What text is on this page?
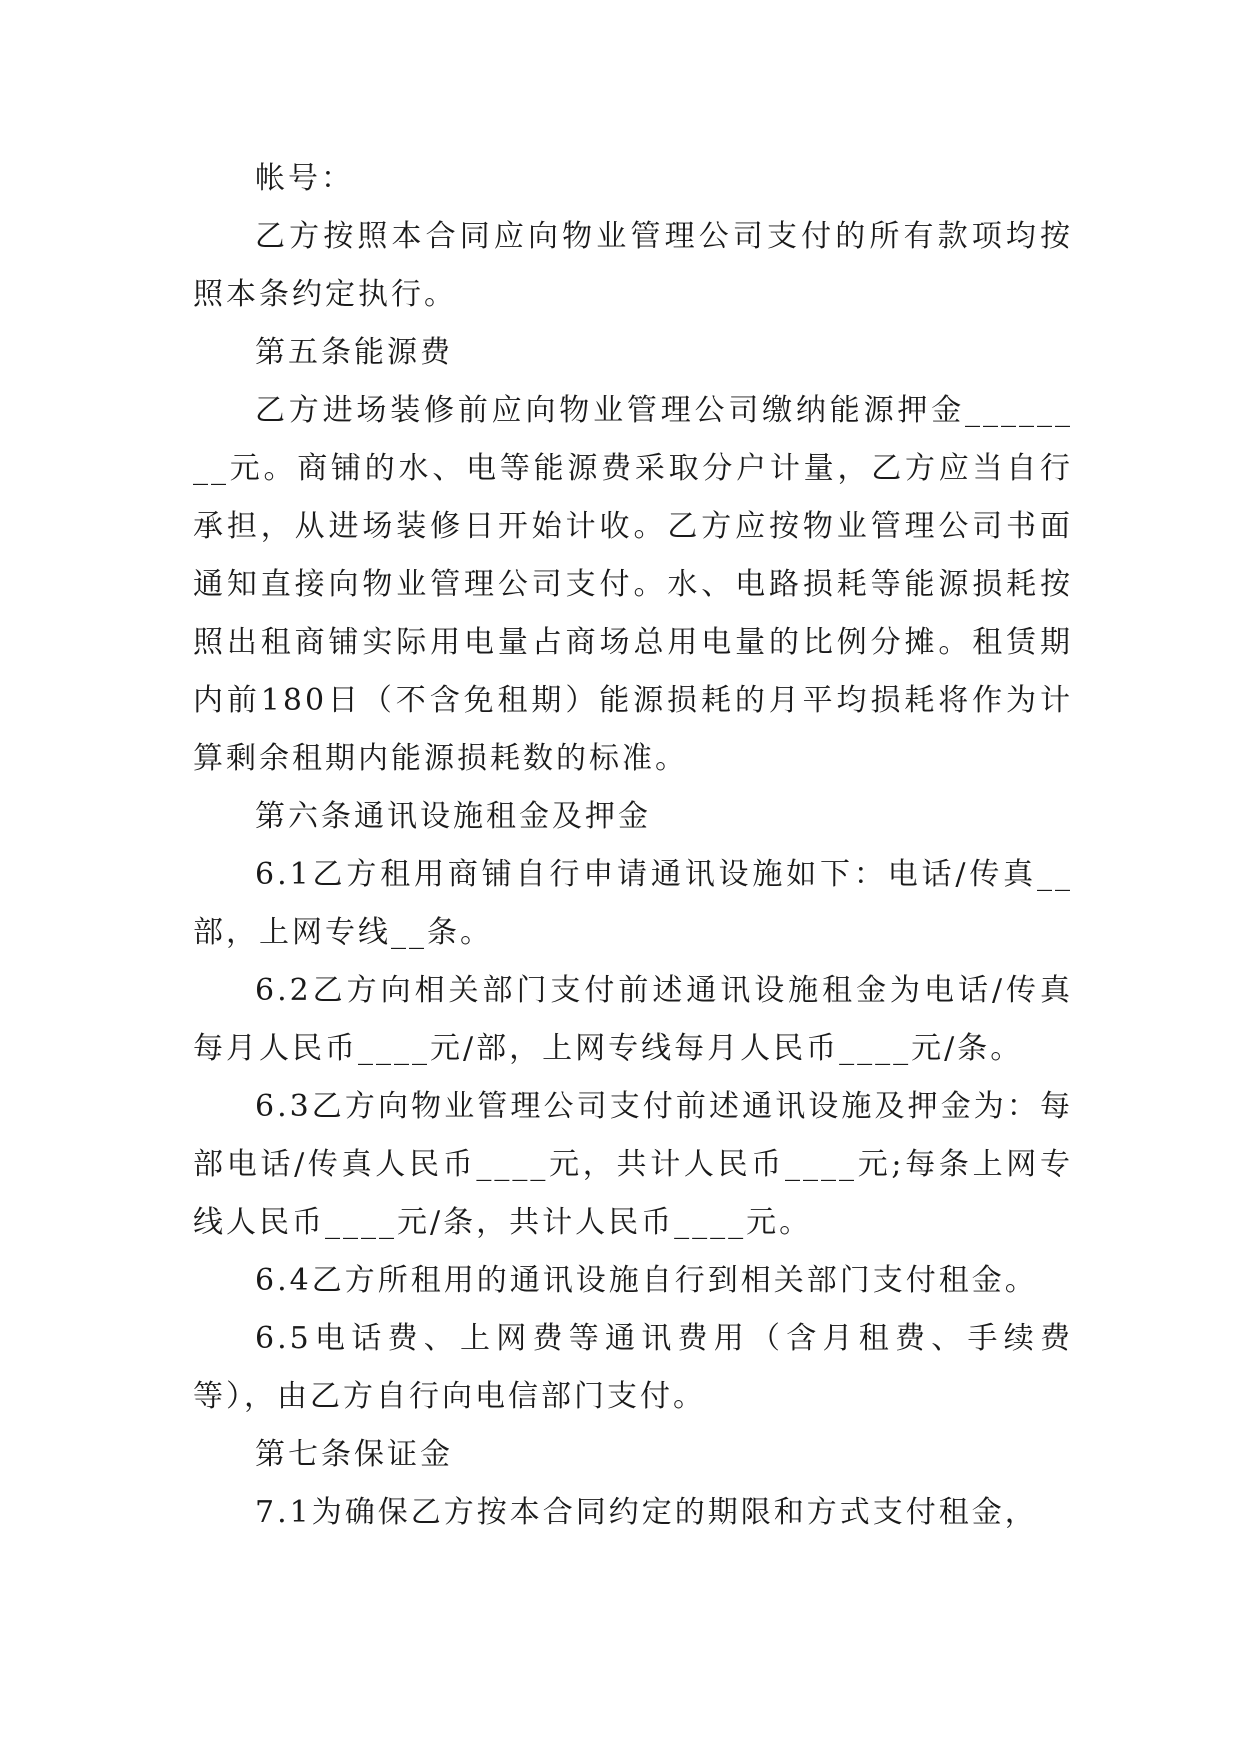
帐号：

乙方按照本合同应向物业管理公司支付的所有款项均按照本条约定执行。

第五条能源费

乙方进场装修前应向物业管理公司缴纳能源押金________元。商铺的水、电等能源费采取分户计量，乙方应当自行承担，从进场装修日开始计收。乙方应按物业管理公司书面通知直接向物业管理公司支付。水、电路损耗等能源损耗按照出租商铺实际用电量占商场总用电量的比例分摊。租赁期内前180日（不含免租期）能源损耗的月平均损耗将作为计算剩余租期内能源损耗数的标准。

第六条通讯设施租金及押金

6.1乙方租用商铺自行申请通讯设施如下：电话/传真__部，上网专线__条。

6.2乙方向相关部门支付前述通讯设施租金为电话/传真每月人民币____元/部，上网专线每月人民币____元/条。

6.3乙方向物业管理公司支付前述通讯设施及押金为：每部电话/传真人民币____元，共计人民币____元;每条上网专线人民币____元/条，共计人民币____元。

6.4乙方所租用的通讯设施自行到相关部门支付租金。

6.5电话费、上网费等通讯费用（含月租费、手续费等），由乙方自行向电信部门支付。

第七条保证金

7.1为确保乙方按本合同约定的期限和方式支付租金，
